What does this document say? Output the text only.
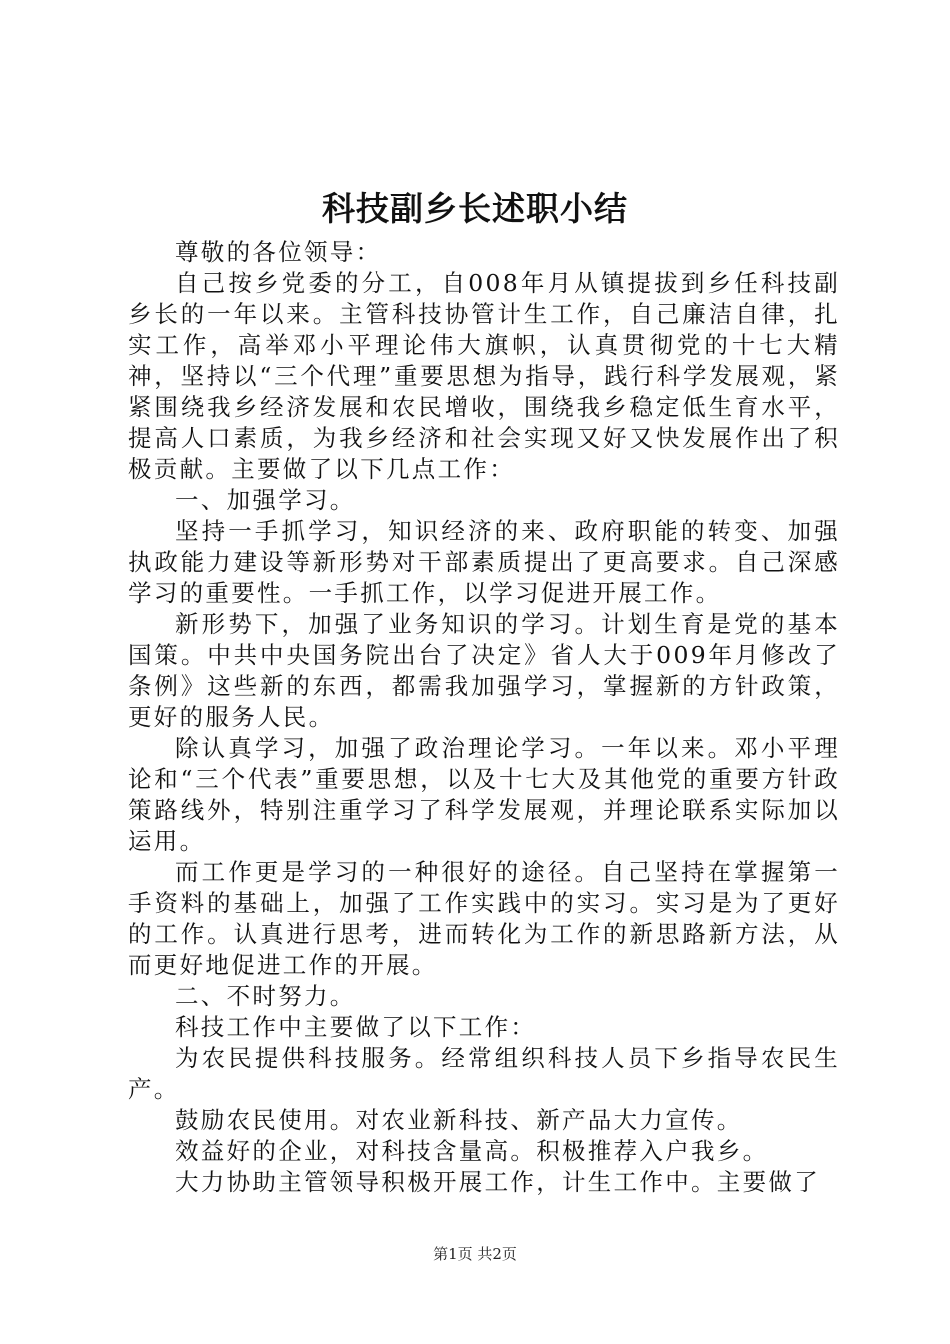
科技副乡长述职小结

尊敬的各位领导：

自己按乡党委的分工，自008年月从镇提拔到乡任科技副乡长的一年以来。主管科技协管计生工作，自己廉洁自律，扎实工作，高举邓小平理论伟大旗帜，认真贯彻党的十七大精神，坚持以“三个代理”重要思想为指导，践行科学发展观，紧紧围绕我乡经济发展和农民增收，围绕我乡稳定低生育水平，提高人口素质，为我乡经济和社会实现又好又快发展作出了积极贡献。主要做了以下几点工作：

一、加强学习。

坚持一手抓学习，知识经济的来、政府职能的转变、加强执政能力建设等新形势对干部素质提出了更高要求。自己深感学习的重要性。一手抓工作，以学习促进开展工作。

新形势下，加强了业务知识的学习。计划生育是党的基本国策。中共中央国务院出台了决定》省人大于009年月修改了条例》这些新的东西，都需我加强学习，掌握新的方针政策，更好的服务人民。

除认真学习，加强了政治理论学习。一年以来。邓小平理论和“三个代表”重要思想，以及十七大及其他党的重要方针政策路线外，特别注重学习了科学发展观，并理论联系实际加以运用。

而工作更是学习的一种很好的途径。自己坚持在掌握第一手资料的基础上，加强了工作实践中的实习。实习是为了更好的工作。认真进行思考，进而转化为工作的新思路新方法，从而更好地促进工作的开展。

二、不时努力。

科技工作中主要做了以下工作：

为农民提供科技服务。经常组织科技人员下乡指导农民生产。

鼓励农民使用。对农业新科技、新产品大力宣传。

效益好的企业，对科技含量高。积极推荐入户我乡。

大力协助主管领导积极开展工作，计生工作中。主要做了

第1页 共2页
